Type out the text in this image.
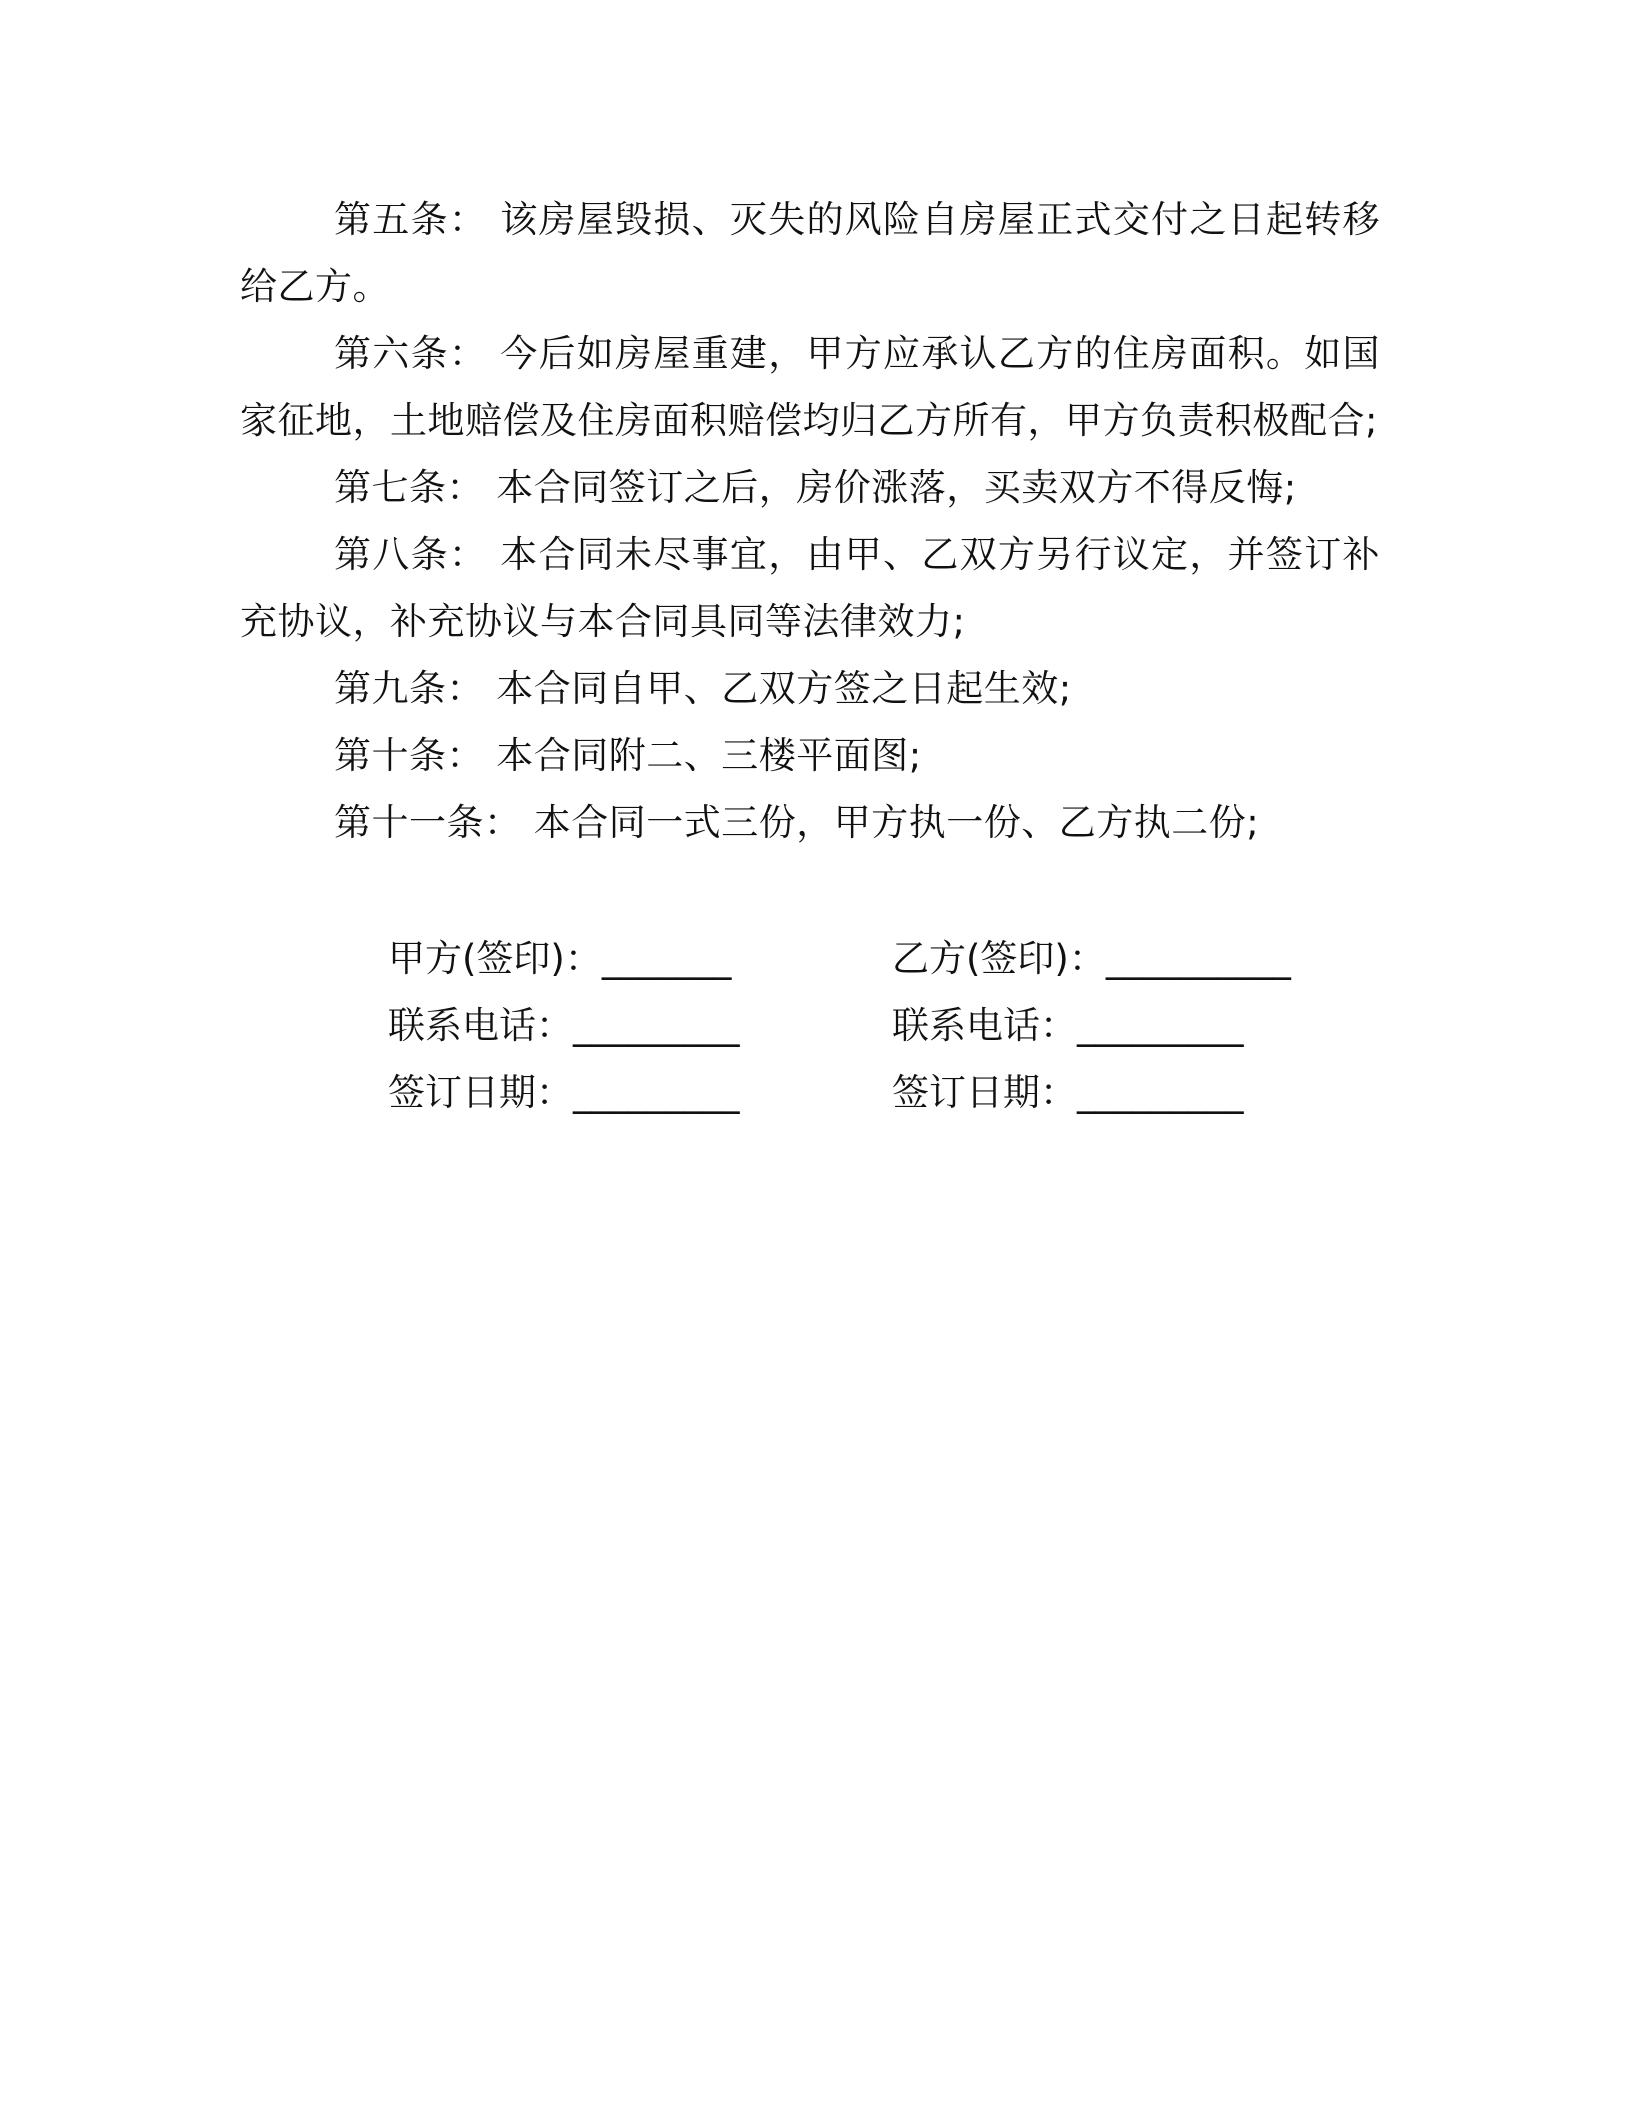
第五条： 该房屋毁损、灭失的风险自房屋正式交付之日起转移给乙方。

第六条： 今后如房屋重建，甲方应承认乙方的住房面积。如国家征地，土地赔偿及住房面积赔偿均归乙方所有，甲方负责积极配合;

第七条： 本合同签订之后，房价涨落，买卖双方不得反悔;

第八条： 本合同未尽事宜，由甲、乙双方另行议定，并签订补充协议，补充协议与本合同具同等法律效力;

第九条： 本合同自甲、乙双方签之日起生效;

第十条： 本合同附二、三楼平面图;

第十一条： 本合同一式三份，甲方执一份、乙方执二份;

甲方(签印)：_______

联系电话：_________

签订日期：_________

乙方(签印)：__________

联系电话：_________

签订日期：_________
